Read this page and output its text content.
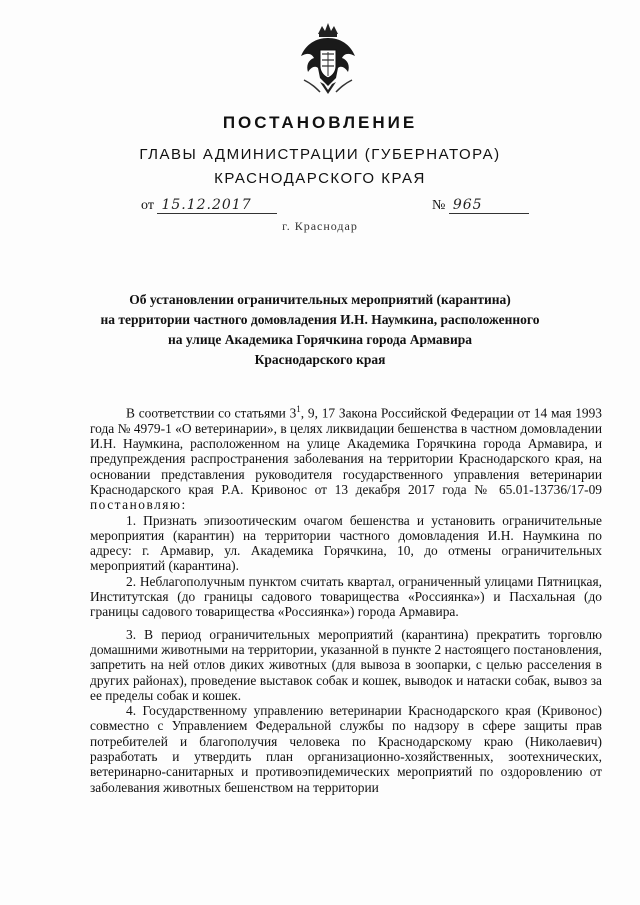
ПОСТАНОВЛЕНИЕ
ГЛАВЫ АДМИНИСТРАЦИИ (ГУБЕРНАТОРА)
КРАСНОДАРСКОГО КРАЯ
от 15.12.2017	№ 965
г. Краснодар
Об установлении ограничительных мероприятий (карантина)
на территории частного домовладения И.Н. Наумкина, расположенного
на улице Академика Горячкина города Армавира
Краснодарского края

В соответствии со статьями $3^1$, 9, 17 Закона Российской Федерации от 14 мая 1993 года № 4979-1 «О ветеринарии», в целях ликвидации бешенства в частном домовладении И.Н. Наумкина, расположенном на улице Академика Горячкина города Армавира, и предупреждения распространения заболевания на территории Краснодарского края, на основании представления руководителя государственного управления ветеринарии Краснодарского края Р.А. Кривонос от 13 декабря 2017 года № 65.01-13736/17-09 постановляю:

1. Признать эпизоотическим очагом бешенства и установить ограничительные мероприятия (карантин) на территории частного домовладения И.Н. Наумкина по адресу: г. Армавир, ул. Академика Горячкина, 10, до отмены ограничительных мероприятий (карантина).

2. Неблагополучным пунктом считать квартал, ограниченный улицами Пятницкая, Институтская (до границы садового товарищества «Россиянка») и Пасхальная (до границы садового товарищества «Россиянка») города Армавира.

3. В период ограничительных мероприятий (карантина) прекратить торговлю домашними животными на территории, указанной в пункте 2 настоящего постановления, запретить на ней отлов диких животных (для вывоза в зоопарки, с целью расселения в других районах), проведение выставок собак и кошек, выводок и натаски собак, вывоз за ее пределы собак и кошек.

4. Государственному управлению ветеринарии Краснодарского края (Кривонос) совместно с Управлением Федеральной службы по надзору в сфере защиты прав потребителей и благополучия человека по Краснодарскому краю (Николаевич) разработать и утвердить план организационно-хозяйственных, зоотехнических, ветеринарно-санитарных и противоэпидемических мероприятий по оздоровлению от заболевания животных бешенством на территории
